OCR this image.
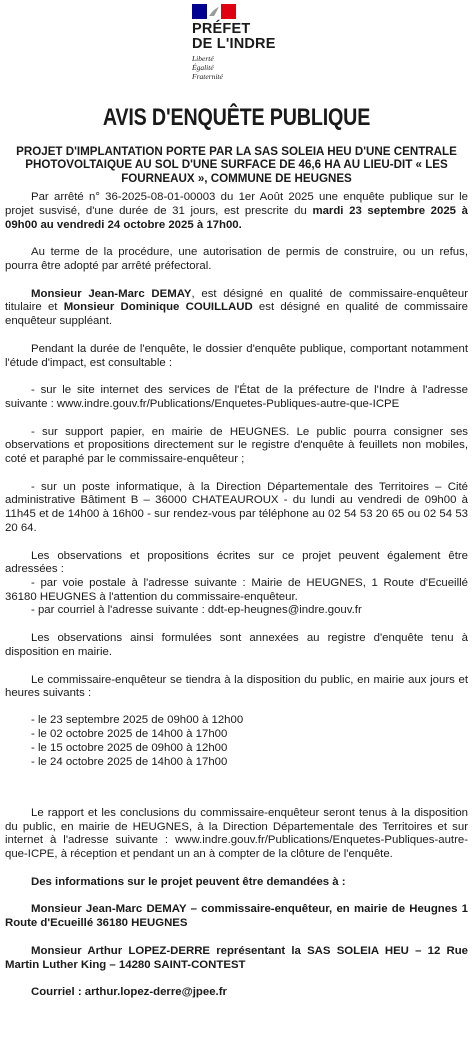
PRÉFET
DE L'INDRE
Liberté
Égalité
Fraternité
AVIS D'ENQUÊTE PUBLIQUE
PROJET D'IMPLANTATION PORTE PAR LA SAS SOLEIA HEU D'UNE CENTRALE PHOTOVOLTAIQUE AU SOL D'UNE SURFACE DE 46,6 HA AU LIEU-DIT « LES FOURNEAUX », COMMUNE DE HEUGNES

Par arrêté n° 36-2025-08-01-00003 du 1er Août 2025 une enquête publique sur le projet susvisé, d'une durée de 31 jours, est prescrite du mardi 23 septembre 2025 à 09h00 au vendredi 24 octobre 2025 à 17h00.

Au terme de la procédure, une autorisation de permis de construire, ou un refus, pourra être adopté par arrêté préfectoral.

Monsieur Jean-Marc DEMAY, est désigné en qualité de commissaire-enquêteur titulaire et Monsieur Dominique COUILLAUD est désigné en qualité de commissaire enquêteur suppléant.

Pendant la durée de l'enquête, le dossier d'enquête publique, comportant notamment l'étude d'impact, est consultable :

- sur le site internet des services de l'État de la préfecture de l'Indre à l'adresse suivante : www.indre.gouv.fr/Publications/Enquetes-Publiques-autre-que-ICPE

- sur support papier, en mairie de HEUGNES. Le public pourra consigner ses observations et propositions directement sur le registre d'enquête à feuillets non mobiles, coté et paraphé par le commissaire-enquêteur ;

- sur un poste informatique, à la Direction Départementale des Territoires – Cité administrative Bâtiment B – 36000 CHATEAUROUX - du lundi au vendredi de 09h00 à 11h45 et de 14h00 à 16h00 - sur rendez-vous par téléphone au 02 54 53 20 65 ou 02 54 53 20 64.

Les observations et propositions écrites sur ce projet peuvent également être adressées :

- par voie postale à l'adresse suivante : Mairie de HEUGNES, 1 Route d'Ecueillé 36180 HEUGNES à l'attention du commissaire-enquêteur.

- par courriel à l'adresse suivante : ddt-ep-heugnes@indre.gouv.fr

Les observations ainsi formulées sont annexées au registre d'enquête tenu à disposition en mairie.

Le commissaire-enquêteur se tiendra à la disposition du public, en mairie aux jours et heures suivants :

- le 23 septembre 2025 de 09h00 à 12h00
- le 02 octobre 2025 de 14h00 à 17h00
- le 15 octobre 2025 de 09h00 à 12h00
- le 24 octobre 2025 de 14h00 à 17h00

Le rapport et les conclusions du commissaire-enquêteur seront tenus à la disposition du public, en mairie de HEUGNES, à la Direction Départementale des Territoires et sur internet à l'adresse suivante : www.indre.gouv.fr/Publications/Enquetes-Publiques-autre-que-ICPE, à réception et pendant un an à compter de la clôture de l'enquête.

Des informations sur le projet peuvent être demandées à :

Monsieur Jean-Marc DEMAY – commissaire-enquêteur, en mairie de Heugnes 1 Route d'Ecueillé 36180 HEUGNES

Monsieur Arthur LOPEZ-DERRE représentant la SAS SOLEIA HEU – 12 Rue Martin Luther King – 14280 SAINT-CONTEST

Courriel : arthur.lopez-derre@jpee.fr
